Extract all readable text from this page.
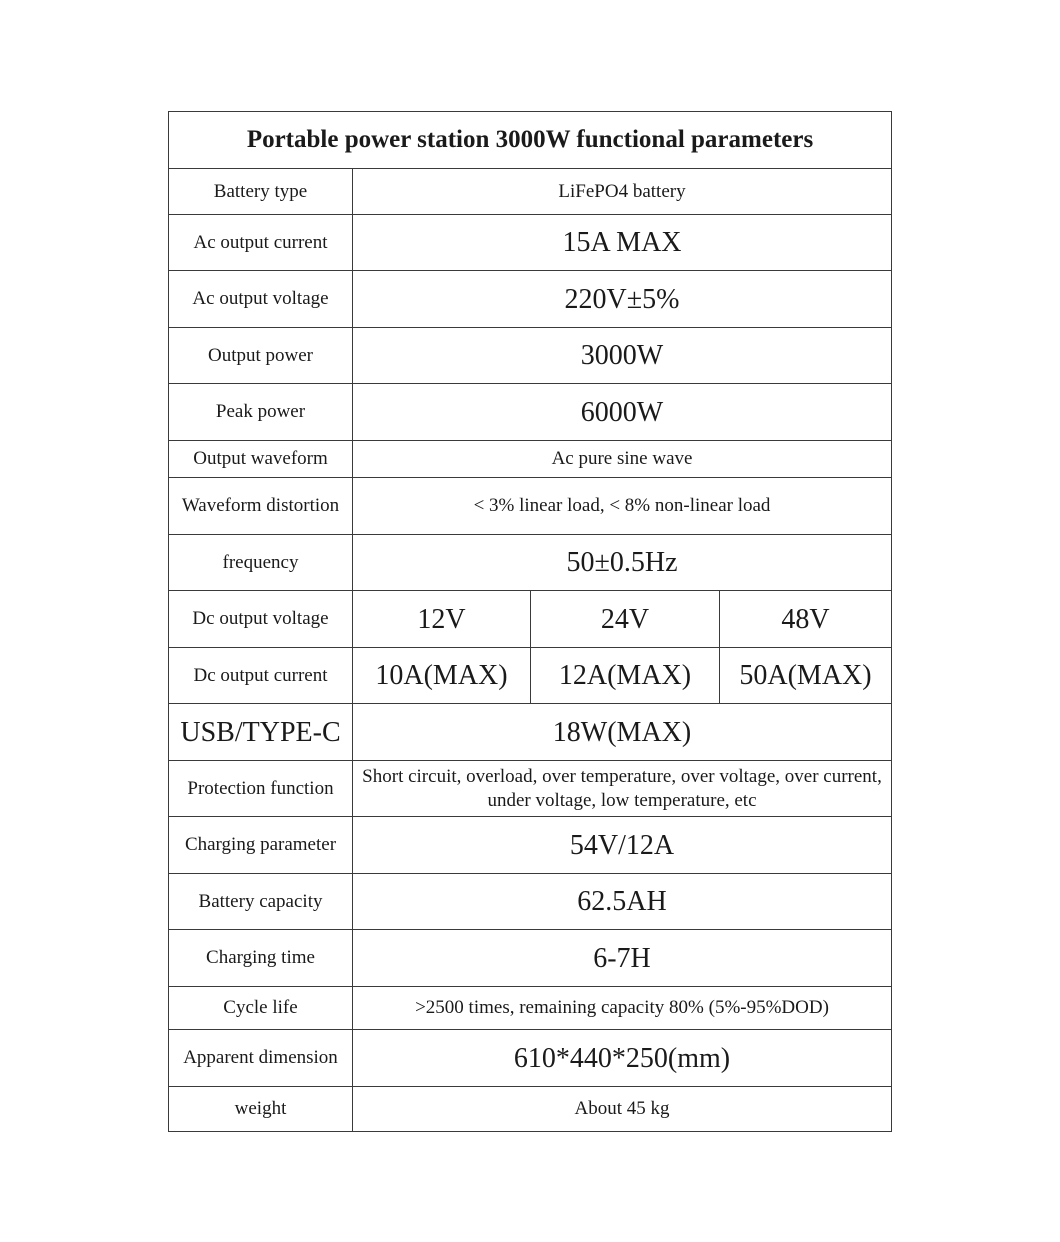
Portable power station 3000W functional parameters			
Battery type	LiFePO4 battery		
Ac output current	15A MAX		
Ac output voltage	220V±5%		
Output power	3000W		
Peak power	6000W		
Output waveform	Ac pure sine wave		
Waveform distortion	< 3% linear load, < 8% non-linear load		
frequency	50±0.5Hz		
Dc output voltage	12V	24V	48V
Dc output current	10A(MAX)	12A(MAX)	50A(MAX)
USB/TYPE-C	18W(MAX)		
Protection function	Short circuit, overload, over temperature, over voltage, over current, under voltage, low temperature, etc		
Charging parameter	54V/12A		
Battery capacity	62.5AH		
Charging time	6-7H		
Cycle life	>2500 times, remaining capacity 80% (5%-95%DOD)		
Apparent dimension	610*440*250(mm)		
weight	About 45 kg		
